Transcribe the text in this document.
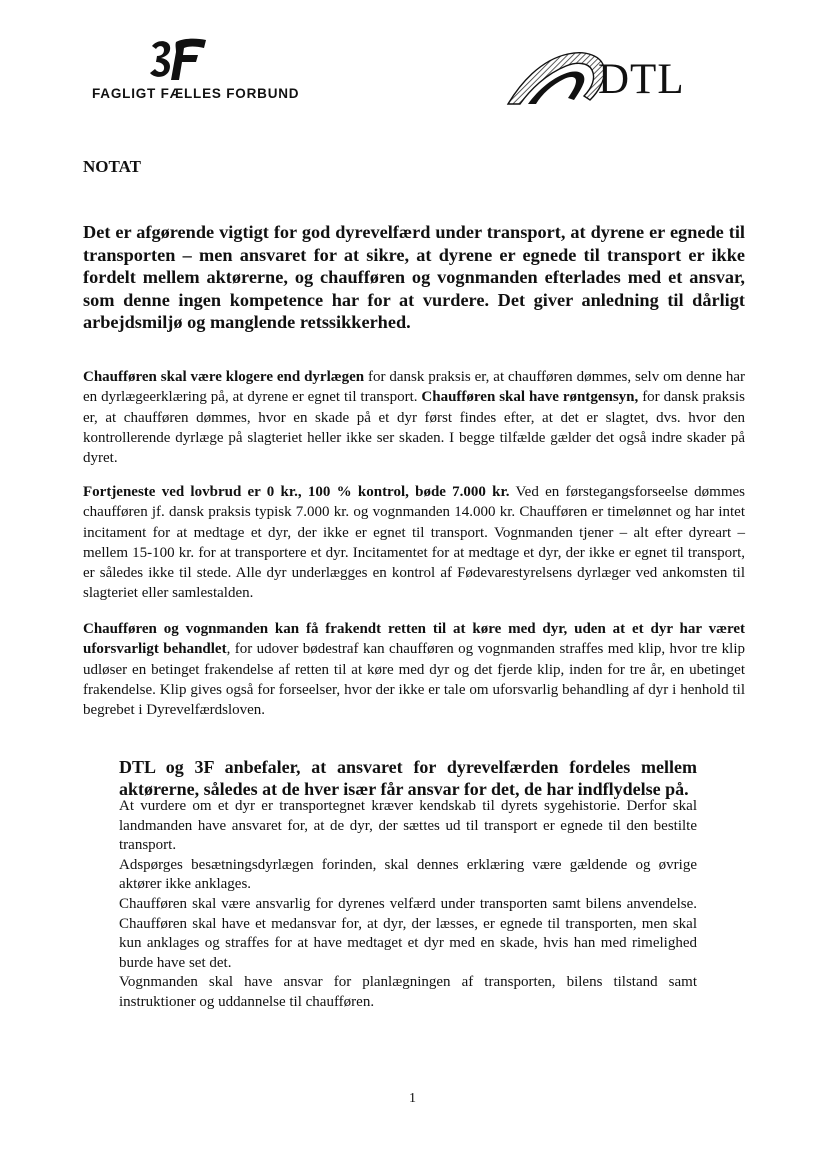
FAGLIGT FÆLLES FORBUND	DTL
NOTAT
Det er afgørende vigtigt for god dyrevelfærd under transport, at dyrene er egnede til transporten – men ansvaret for at sikre, at dyrene er egnede til transport er ikke fordelt mellem aktørerne, og chaufføren og vognmanden efterlades med et ansvar, som denne ingen kompetence har for at vurdere. Det giver anledning til dårligt arbejdsmiljø og manglende retssikkerhed.
Chaufføren skal være klogere end dyrlægen for dansk praksis er, at chaufføren dømmes, selv om denne har en dyrlægeerklæring på, at dyrene er egnet til transport. Chaufføren skal have røntgensyn, for dansk praksis er, at chaufføren dømmes, hvor en skade på et dyr først findes efter, at det er slagtet, dvs. hvor den kontrollerende dyrlæge på slagteriet heller ikke ser skaden. I begge tilfælde gælder det også indre skader på dyret.
Fortjeneste ved lovbrud er 0 kr., 100 % kontrol, bøde 7.000 kr. Ved en førstegangsforseelse dømmes chaufføren jf. dansk praksis typisk 7.000 kr. og vognmanden 14.000 kr. Chaufføren er timelønnet og har intet incitament for at medtage et dyr, der ikke er egnet til transport. Vognmanden tjener – alt efter dyreart – mellem 15-100 kr. for at transportere et dyr. Incitamentet for at medtage et dyr, der ikke er egnet til transport, er således ikke til stede. Alle dyr underlægges en kontrol af Fødevarestyrelsens dyrlæger ved ankomsten til slagteriet eller samlestalden.
Chaufføren og vognmanden kan få frakendt retten til at køre med dyr, uden at et dyr har været uforsvarligt behandlet, for udover bødestraf kan chaufføren og vognmanden straffes med klip, hvor tre klip udløser en betinget frakendelse af retten til at køre med dyr og det fjerde klip, inden for tre år, en ubetinget frakendelse. Klip gives også for forseelser, hvor der ikke er tale om uforsvarlig behandling af dyr i henhold til begrebet i Dyrevelfærdsloven.
DTL og 3F anbefaler, at ansvaret for dyrevelfærden fordeles mellem aktørerne, således at de hver især får ansvar for det, de har indflydelse på.
At vurdere om et dyr er transportegnet kræver kendskab til dyrets sygehistorie. Derfor skal landmanden have ansvaret for, at de dyr, der sættes ud til transport er egnede til den bestilte transport.
Adspørges besætningsdyrlægen forinden, skal dennes erklæring være gældende og øvrige aktører ikke anklages.
Chaufføren skal være ansvarlig for dyrenes velfærd under transporten samt bilens anvendelse. Chaufføren skal have et medansvar for, at dyr, der læsses, er egnede til transporten, men skal kun anklages og straffes for at have medtaget et dyr med en skade, hvis han med rimelighed burde have set det.
Vognmanden skal have ansvar for planlægningen af transporten, bilens tilstand samt instruktioner og uddannelse til chaufføren.
1
